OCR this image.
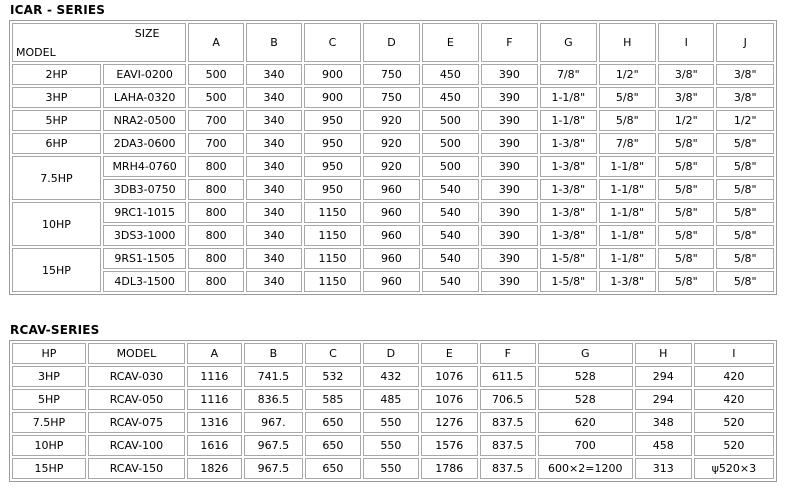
ICAR - SERIES
SIZE
MODEL		A	B	C	D	E	F	G	H	I	J
2HP	EAVI-0200	500	340	900	750	450	390	7/8"	1/2"	3/8"	3/8"
3HP	LAHA-0320	500	340	900	750	450	390	1-1/8"	5/8"	3/8"	3/8"
5HP	NRA2-0500	700	340	950	920	500	390	1-1/8"	5/8"	1/2"	1/2"
6HP	2DA3-0600	700	340	950	920	500	390	1-3/8"	7/8"	5/8"	5/8"
7.5HP	MRH4-0760	800	340	950	920	500	390	1-3/8"	1-1/8"	5/8"	5/8"
	3DB3-0750	800	340	950	960	540	390	1-3/8"	1-1/8"	5/8"	5/8"
10HP	9RC1-1015	800	340	1150	960	540	390	1-3/8"	1-1/8"	5/8"	5/8"
	3DS3-1000	800	340	1150	960	540	390	1-3/8"	1-1/8"	5/8"	5/8"
15HP	9RS1-1505	800	340	1150	960	540	390	1-5/8"	1-1/8"	5/8"	5/8"
	4DL3-1500	800	340	1150	960	540	390	1-5/8"	1-3/8"	5/8"	5/8"
RCAV-SERIES
HP	MODEL	A	B	C	D	E	F	G	H	I
3HP	RCAV-030	1116	741.5	532	432	1076	611.5	528	294	420
5HP	RCAV-050	1116	836.5	585	485	1076	706.5	528	294	420
7.5HP	RCAV-075	1316	967.	650	550	1276	837.5	620	348	520
10HP	RCAV-100	1616	967.5	650	550	1576	837.5	700	458	520
15HP	RCAV-150	1826	967.5	650	550	1786	837.5	600×2=1200	313	ψ520×3
